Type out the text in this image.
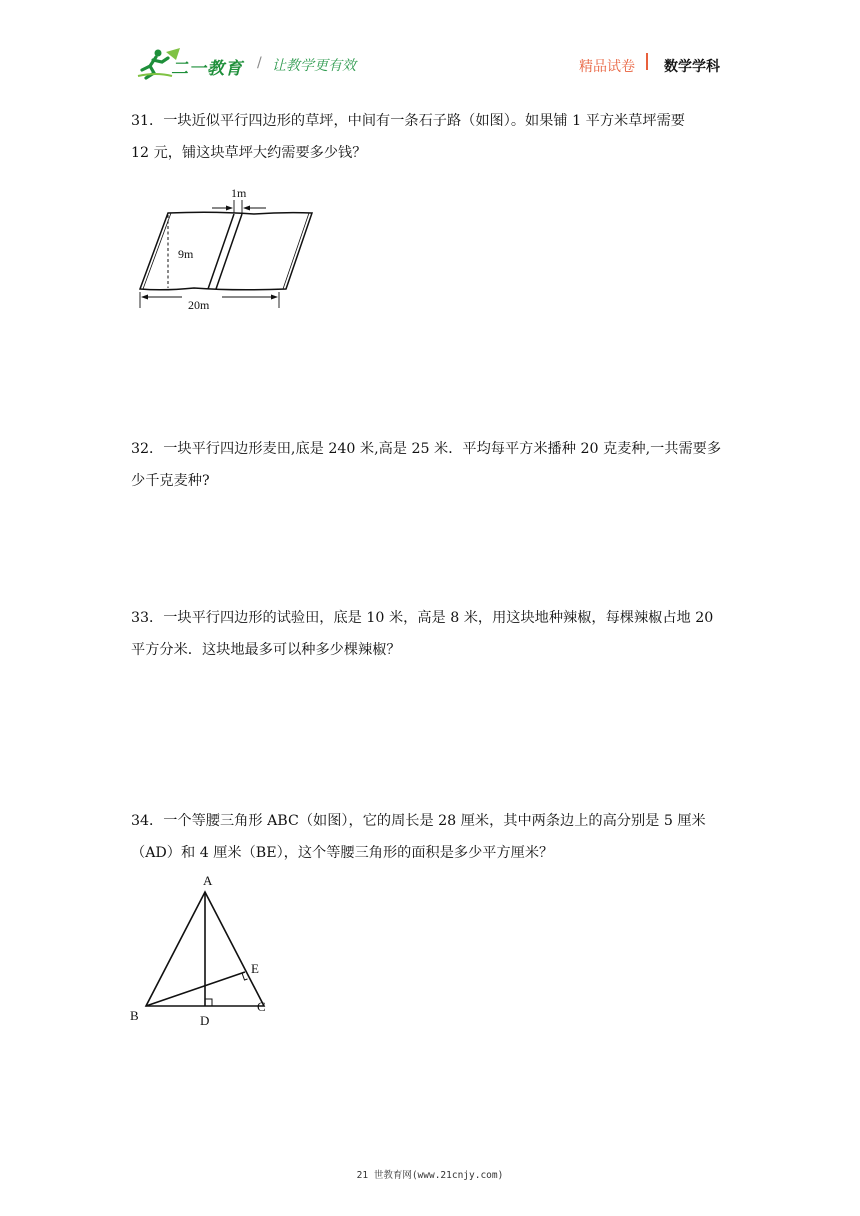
二一教育 / 让教学更有效	精品试卷 数学学科

31．一块近似平行四边形的草坪，中间有一条石子路（如图）。如果铺 1 平方米草坪需要

12 元，铺这块草坪大约需要多少钱？

1m
9m
20m

32．一块平行四边形麦田,底是 240 米,高是 25 米．平均每平方米播种 20 克麦种,一共需要多

少千克麦种?

33．一块平行四边形的试验田，底是 10 米，高是 8 米，用这块地种辣椒，每棵辣椒占地 20

平方分米．这块地最多可以种多少棵辣椒？

34．一个等腰三角形 ABC（如图），它的周长是 28 厘米，其中两条边上的高分别是 5 厘米

（AD）和 4 厘米（BE），这个等腰三角形的面积是多少平方厘米？

A
B
C
D
E
21 世教育网(www.21cnjy.com)
